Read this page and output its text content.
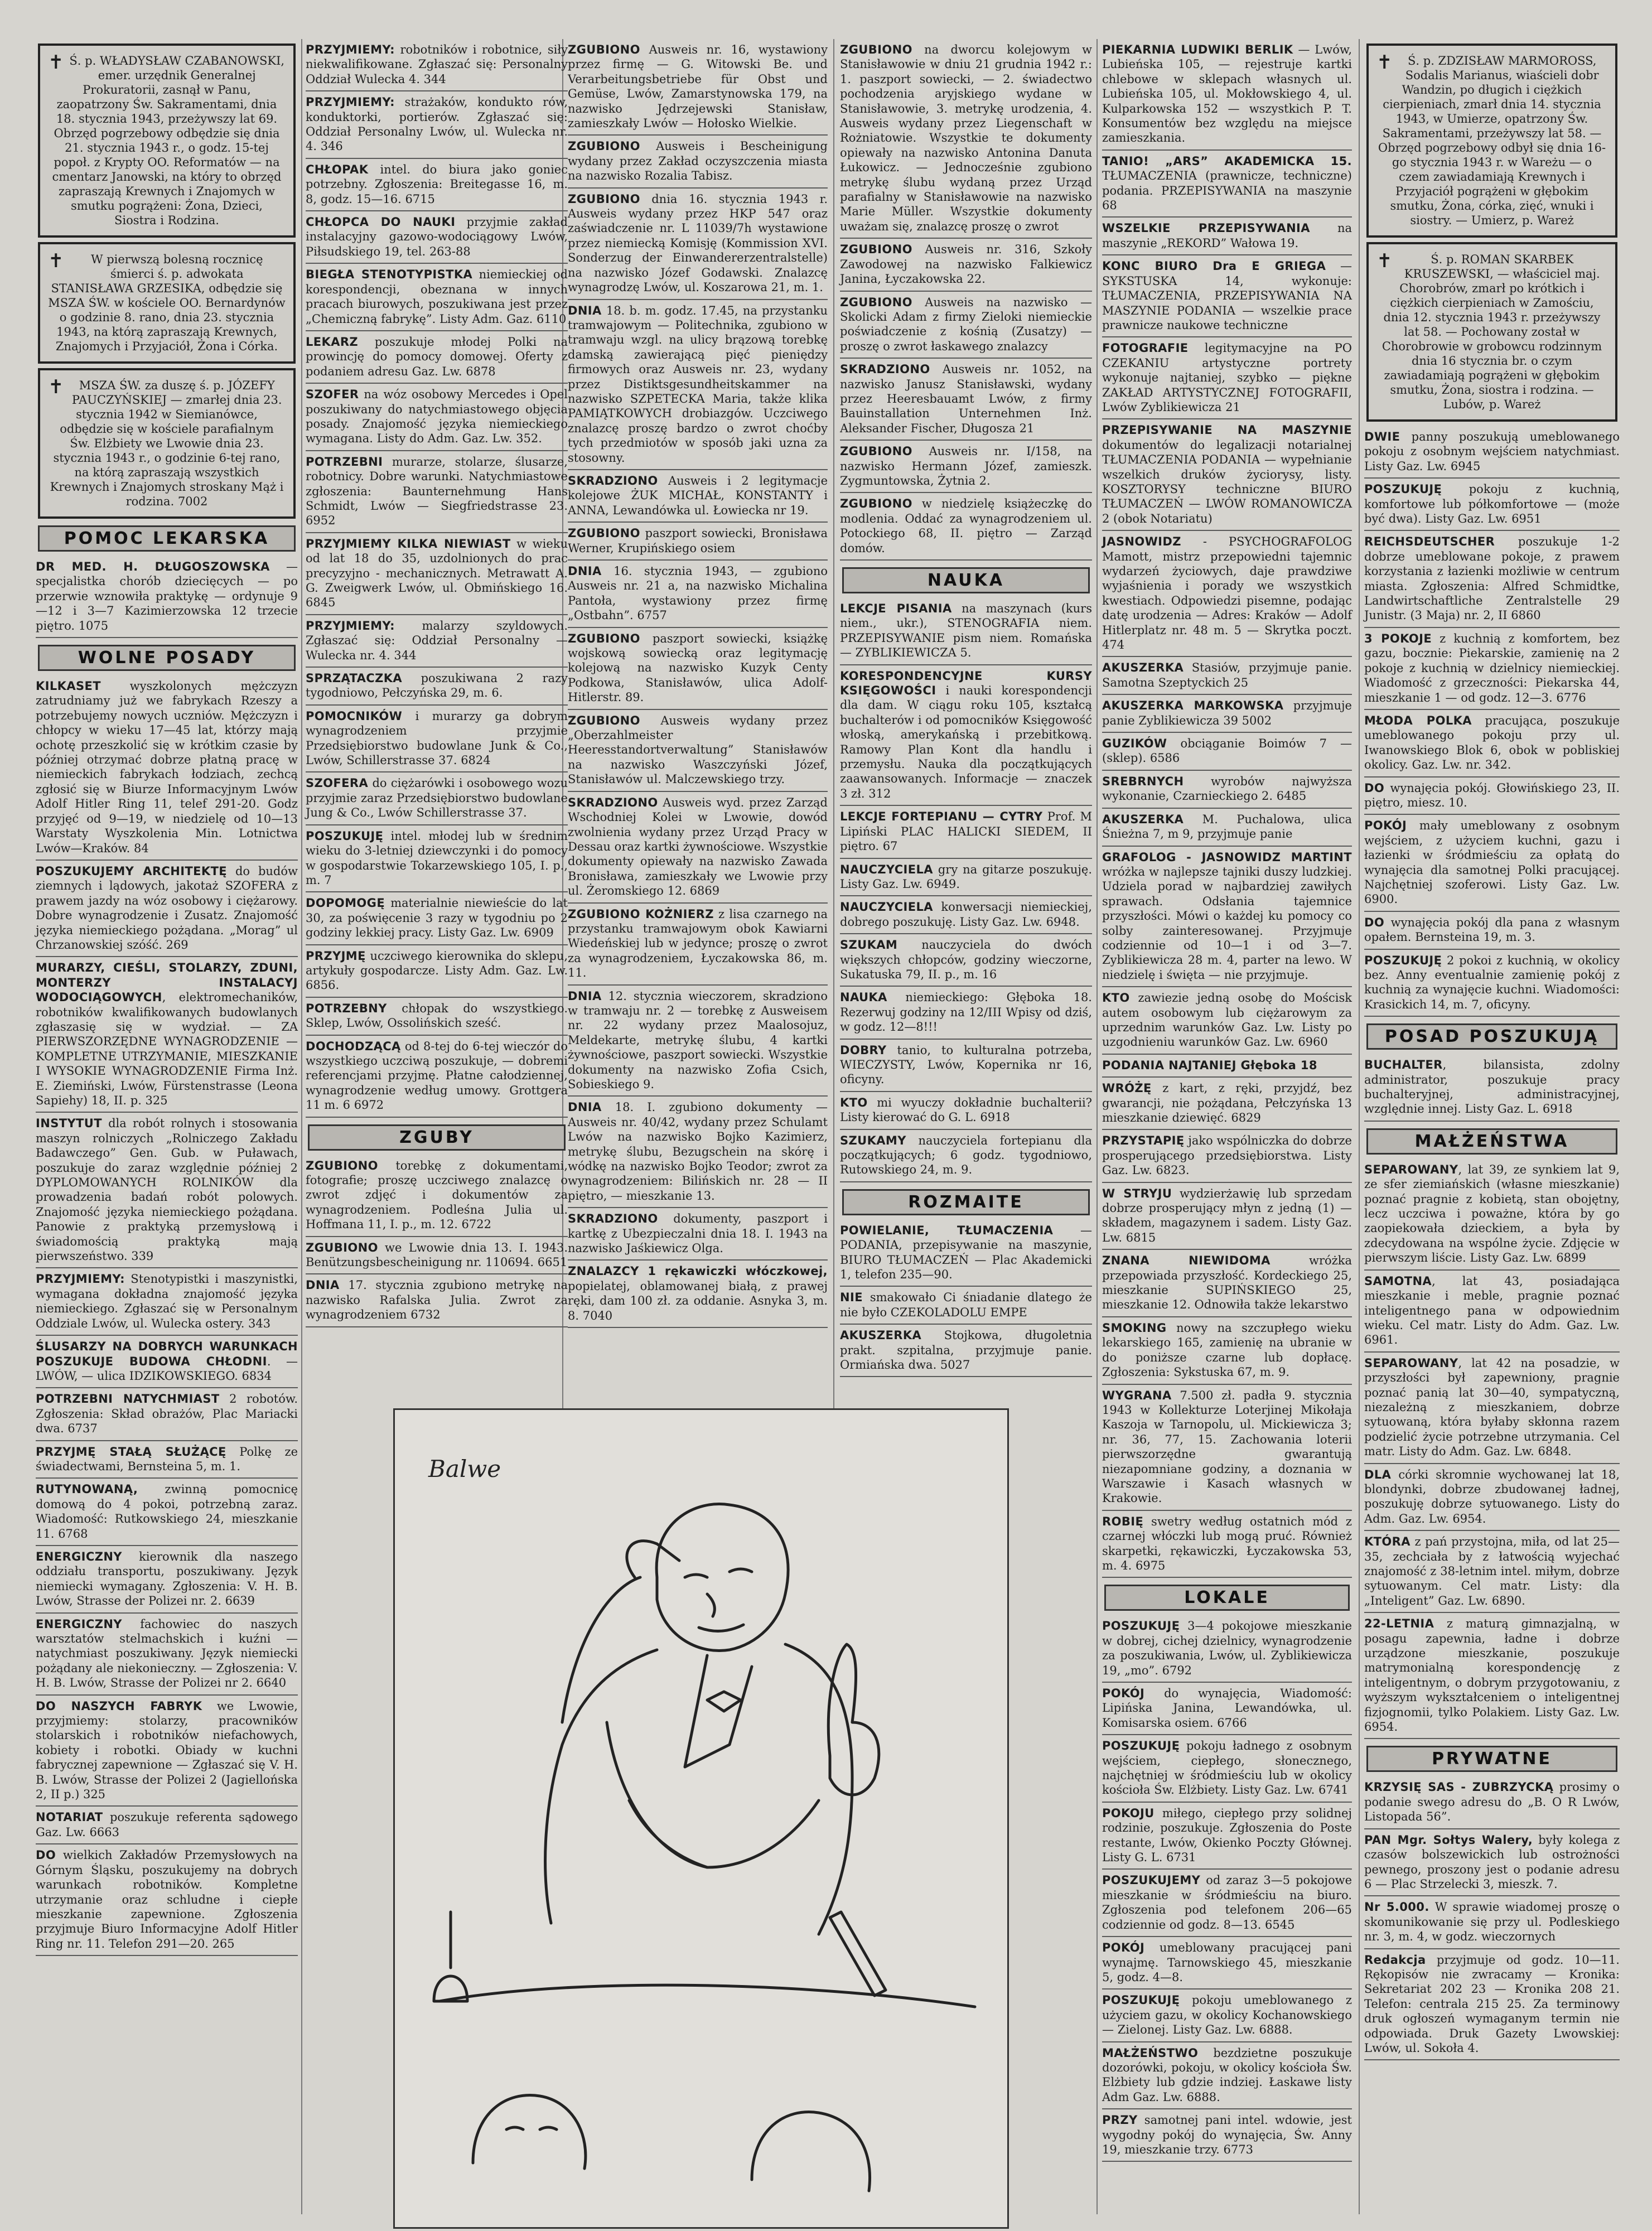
✝ Ś. p. WŁADYSŁAW CZABANOWSKI, emer. urzędnik Generalnej Prokuratorii, zasnął w Panu, zaopatrzony Św. Sakramentami, dnia 18. stycznia 1943, przeżywszy lat 69. Obrzęd pogrzebowy odbędzie się dnia 21. stycznia 1943 r., o godz. 15-tej popoł. z Krypty OO. Reformatów — na cmentarz Janowski, na który to obrzęd zapraszają Krewnych i Znajomych w smutku pogrążeni: Żona, Dzieci, Siostra i Rodzina.
✝ W pierwszą bolesną rocznicę śmierci ś. p. adwokata STANISŁAWA GRZESIKA, odbędzie się MSZA ŚW. w kościele OO. Bernardynów o godzinie 8. rano, dnia 23. stycznia 1943, na którą zapraszają Krewnych, Znajomych i Przyjaciół, Żona i Córka.
✝ MSZA ŚW. za duszę ś. p. JÓZEFY PAUCZYŃSKIEJ — zmarłej dnia 23. stycznia 1942 w Siemianówce, odbędzie się w kościele parafialnym Św. Elżbiety we Lwowie dnia 23. stycznia 1943 r., o godzinie 6-tej rano, na którą zapraszają wszystkich Krewnych i Znajomych stroskany Mąż i rodzina. 7002
POMOC LEKARSKA
DR MED. H. DŁUGOSZOWSKA — specjalistka chorób dziecięcych — po przerwie wznowiła praktykę — ordynuje 9—12 i 3—7 Kazimierzowska 12 trzecie piętro. 1075
WOLNE POSADY
KILKASET wyszkolonych mężczyzn zatrudniamy już we fabrykach Rzeszy a potrzebujemy nowych uczniów. Mężczyzn i chłopcy w wieku 17—45 lat, którzy mają ochotę przeszkolić się w krótkim czasie by później otrzymać dobrze płatną pracę w niemieckich fabrykach łodziach, zechcą zgłosić się w Biurze Informacyjnym Lwów Adolf Hitler Ring 11, telef 291-20. Godz przyjęć od 9—19, w niedzielę od 10—13 Warstaty Wyszkolenia Min. Lotnictwa Lwów—Kraków. 84
POSZUKUJEMY ARCHITEKTĘ do budów ziemnych i lądowych, jakotaż SZOFERA z prawem jazdy na wóz osobowy i ciężarowy. Dobre wynagrodzenie i Zusatz. Znajomość języka niemieckiego pożądana. „Morag” ul Chrzanowskiej szóść. 269
MURARZY, CIEŚLI, STOLARZY, ZDUNI, MONTERZY INSTALACYJ WODOCIĄGOWYCH, elektromechaników, robotników kwalifikowanych budowlanych zgłaszasię się w wydział. — ZA PIERWSZORZĘDNE WYNAGRODZENIE — KOMPLETNE UTRZYMANIE, MIESZKANIE I WYSOKIE WYNAGRODZENIE Firma Inż. E. Ziemiński, Lwów, Fürstenstrasse (Leona Sapiehy) 18, II. p. 325
INSTYTUT dla robót rolnych i stosowania maszyn rolniczych „Rolniczego Zakładu Badawczego” Gen. Gub. w Puławach, poszukuje do zaraz względnie później 2 DYPLOMOWANYCH ROLNIKÓW dla prowadzenia badań robót polowych. Znajomość języka niemieckiego pożądana. Panowie z praktyką przemysłową i świadomością praktyką mają pierwszeństwo. 339
PRZYJMIEMY: Stenotypistki i maszynistki, wymagana dokładna znajomość języka niemieckiego. Zgłaszać się w Personalnym Oddziale Lwów, ul. Wulecka ostery. 343
ŚLUSARZY NA DOBRYCH WARUNKACH POSZUKUJE BUDOWA CHŁODNI. — LWÓW, — ulica IDZIKOWSKIEGO. 6834
POTRZEBNI NATYCHMIAST 2 robotów. Zgłoszenia: Skład obrażów, Plac Mariacki dwa. 6737
PRZYJMĘ STAŁĄ SŁUŻĄCĘ Polkę ze świadectwami, Bernsteina 5, m. 1.
RUTYNOWANĄ, zwinną pomocnicę domową do 4 pokoi, potrzebną zaraz. Wiadomość: Rutkowskiego 24, mieszkanie 11. 6768
ENERGICZNY kierownik dla naszego oddziału transportu, poszukiwany. Język niemiecki wymagany. Zgłoszenia: V. H. B. Lwów, Strasse der Polizei nr. 2. 6639
ENERGICZNY fachowiec do naszych warsztatów stelmachskich i kuźni — natychmiast poszukiwany. Język niemiecki pożądany ale niekonieczny. — Zgłoszenia: V. H. B. Lwów, Strasse der Polizei nr 2. 6640
DO NASZYCH FABRYK we Lwowie, przyjmiemy: stolarzy, pracowników stolarskich i robotników niefachowych, kobiety i robotki. Obiady w kuchni fabrycznej zapewnione — Zgłaszać się V. H. B. Lwów, Strasse der Polizei 2 (Jagiellońska 2, II p.) 325
NOTARIAT poszukuje referenta sądowego Gaz. Lw. 6663
DO wielkich Zakładów Przemysłowych na Górnym Śląsku, poszukujemy na dobrych warunkach robotników. Kompletne utrzymanie oraz schludne i ciepłe mieszkanie zapewnione. Zgłoszenia przyjmuje Biuro Informacyjne Adolf Hitler Ring nr. 11. Telefon 291—20. 265
PRZYJMIEMY: robotników i robotnice, siły niekwalifikowane. Zgłaszać się: Personalny Oddział Wulecka 4. 344
PRZYJMIEMY: strażaków, kondukto rów, konduktorki, portierów. Zgłaszać się: Oddział Personalny Lwów, ul. Wulecka nr. 4. 346
CHŁOPAK intel. do biura jako goniec potrzebny. Zgłoszenia: Breitegasse 16, m. 8, godz. 15—16. 6715
CHŁOPCA DO NAUKI przyjmie zakład instalacyjny gazowo-wodociągowy Lwów, Piłsudskiego 19, tel. 263-88
BIEGŁA STENOTYPISTKA niemieckiej od korespondencji, obeznana w innych pracach biurowych, poszukiwana jest przez „Chemiczną fabrykę”. Listy Adm. Gaz. 6110
LEKARZ poszukuje młodej Polki na prowincję do pomocy domowej. Oferty z podaniem adresu Gaz. Lw. 6878
SZOFER na wóz osobowy Mercedes i Opel poszukiwany do natychmiastowego objęcia posady. Znajomość języka niemieckiego wymagana. Listy do Adm. Gaz. Lw. 352.
POTRZEBNI murarze, stolarze, ślusarze, robotnicy. Dobre warunki. Natychmiastowe zgłoszenia: Baunternehmung Hans Schmidt, Lwów — Siegfriedstrasse 23. 6952
PRZYJMIEMY KILKA NIEWIAST w wieku od lat 18 do 35, uzdolnionych do prac precyzyjno - mechanicznych. Metrawatt A. G. Zweigwerk Lwów, ul. Obmińskiego 16. 6845
PRZYJMIEMY: malarzy szyldowych. Zgłaszać się: Oddział Personalny — Wulecka nr. 4. 344
SPRZĄTACZKA poszukiwana 2 razy tygodniowo, Pełczyńska 29, m. 6.
POMOCNIKÓW i murarzy ga dobrym wynagrodzeniem przyjmie Przedsiębiorstwo budowlane Junk & Co., Lwów, Schillerstrasse 37. 6824
SZOFERA do ciężarówki i osobowego wozu przyjmie zaraz Przedsiębiorstwo budowlane Jung & Co., Lwów Schillerstrasse 37.
POSZUKUJĘ intel. młodej lub w średnim wieku do 3-letniej dziewczynki i do pomocy w gospodarstwie Tokarzewskiego 105, I. p., m. 7
DOPOMOGĘ materialnie niewieście do lat 30, za poświęcenie 3 razy w tygodniu po 2 godziny lekkiej pracy. Listy Gaz. Lw. 6909
PRZYJMĘ uczciwego kierownika do sklepu, artykuły gospodarcze. Listy Adm. Gaz. Lw. 6856.
POTRZEBNY chłopak do wszystkiego. Sklep, Lwów, Ossolińskich sześć.
DOCHODZĄCĄ od 8-tej do 6-tej wieczór do wszystkiego uczciwą poszukuje, — dobremi referencjami przyjmę. Płatne całodziennej, wynagrodzenie według umowy. Grottgera 11 m. 6 6972
ZGUBY
ZGUBIONO torebkę z dokumentami, fotografie; proszę uczciwego znalazcę o zwrot zdjęć i dokumentów za wynagrodzeniem. Podleśna Julia ul. Hoffmana 11, I. p., m. 12. 6722
ZGUBIONO we Lwowie dnia 13. I. 1943. Benützungsbescheinigung nr. 110694. 6651
DNIA 17. stycznia zgubiono metrykę na nazwisko Rafalska Julia. Zwrot za wynagrodzeniem 6732
ZGUBIONO Ausweis nr. 16, wystawiony przez firmę — G. Witowski Be. und Verarbeitungsbetriebe für Obst und Gemüse, Lwów, Zamarstynowska 179, na nazwisko Jędrzejewski Stanisław, zamieszkały Lwów — Hołosko Wielkie.
ZGUBIONO Ausweis i Bescheinigung wydany przez Zakład oczyszczenia miasta na nazwisko Rozalia Tabisz.
ZGUBIONO dnia 16. stycznia 1943 r. Ausweis wydany przez HKP 547 oraz zaświadczenie nr. L 11039/7h wystawione przez niemiecką Komisję (Kommission XVI. Sonderzug der Einwandererzentralstelle) na nazwisko Józef Godawski. Znalazcę wynagrodzę Lwów, ul. Koszarowa 21, m. 1.
DNIA 18. b. m. godz. 17.45, na przystanku tramwajowym — Politechnika, zgubiono w tramwaju wzgl. na ulicy brązową torebkę damską zawierającą pięć pieniędzy firmowych oraz Ausweis nr. 23, wydany przez Distiktsgesundheitskammer na nazwisko SZPETECKA Maria, także klika PAMIĄTKOWYCH drobiazgów. Uczciwego znalazcę proszę bardzo o zwrot choćby tych przedmiotów w sposób jaki uzna za stosowny.
SKRADZIONO Ausweis i 2 legitymacje kolejowe ŻUK MICHAŁ, KONSTANTY i ANNA, Lewandówka ul. Łowiecka nr 19.
ZGUBIONO paszport sowiecki, Bronisława Werner, Krupińskiego osiem
DNIA 16. stycznia 1943, — zgubiono Ausweis nr. 21 a, na nazwisko Michalina Pantoła, wystawiony przez firmę „Ostbahn”. 6757
ZGUBIONO paszport sowiecki, książkę wojskową sowiecką oraz legitymację kolejową na nazwisko Kuzyk Centy Podkowa, Stanisławów, ulica Adolf-Hitlerstr. 89.
ZGUBIONO Ausweis wydany przez „Oberzahlmeister Heeresstandortverwaltung” Stanisławów na nazwisko Waszczyński Józef, Stanisławów ul. Malczewskiego trzy.
SKRADZIONO Ausweis wyd. przez Zarząd Wschodniej Kolei w Lwowie, dowód zwolnienia wydany przez Urząd Pracy w Dessau oraz kartki żywnościowe. Wszystkie dokumenty opiewały na nazwisko Zawada Bronisława, zamieszkały we Lwowie przy ul. Żeromskiego 12. 6869
ZGUBIONO KOŻNIERZ z lisa czarnego na przystanku tramwajowym obok Kawiarni Wiedeńskiej lub w jedynce; proszę o zwrot za wynagrodzeniem, Łyczakowska 86, m. 11.
DNIA 12. stycznia wieczorem, skradziono w tramwaju nr. 2 — torebkę z Ausweisem nr. 22 wydany przez Maalosojuz, Meldekarte, metrykę ślubu, 4 kartki żywnościowe, paszport sowiecki. Wszystkie dokumenty na nazwisko Zofia Csich, Sobieskiego 9.
DNIA 18. I. zgubiono dokumenty — Ausweis nr. 40/42, wydany przez Schulamt Lwów na nazwisko Bojko Kazimierz, metrykę ślubu, Bezugschein na skórę i wódkę na nazwisko Bojko Teodor; zwrot za wynagrodzeniem: Bilińskich nr. 28 — II piętro, — mieszkanie 13.
SKRADZIONO dokumenty, paszport i kartkę z Ubezpieczalni dnia 18. I. 1943 na nazwisko Jaśkiewicz Olga.
ZNALAZCY 1 rękawiczki włóczkowej, popielatej, oblamowanej białą, z prawej ręki, dam 100 zł. za oddanie. Asnyka 3, m. 8. 7040
ZGUBIONO na dworcu kolejowym w Stanisławowie w dniu 21 grudnia 1942 r.: 1. paszport sowiecki, — 2. świadectwo pochodzenia aryjskiego wydane w Stanisławowie, 3. metrykę urodzenia, 4. Ausweis wydany przez Liegenschaft w Rożniatowie. Wszystkie te dokumenty opiewały na nazwisko Antonina Danuta Łukowicz. — Jednocześnie zgubiono metrykę ślubu wydaną przez Urząd parafialny w Stanisławowie na nazwisko Marie Müller. Wszystkie dokumenty uważam się, znalazcę proszę o zwrot
ZGUBIONO Ausweis nr. 316, Szkoły Zawodowej na nazwisko Falkiewicz Janina, Łyczakowska 22.
ZGUBIONO Ausweis na nazwisko — Skolicki Adam z firmy Zieloki niemieckie poświadczenie z kośnią (Zusatzy) — proszę o zwrot łaskawego znalazcy
SKRADZIONO Ausweis nr. 1052, na nazwisko Janusz Stanisławski, wydany przez Heeresbauamt Lwów, z firmy Bauinstallation Unternehmen Inż. Aleksander Fischer, Długosza 21
ZGUBIONO Ausweis nr. I/158, na nazwisko Hermann Józef, zamieszk. Zygmuntowska, Żytnia 2.
ZGUBIONO w niedzielę książeczkę do modlenia. Oddać za wynagrodzeniem ul. Potockiego 68, II. piętro — Zarząd domów.
NAUKA
LEKCJE PISANIA na maszynach (kurs niem., ukr.), STENOGRAFIA niem. PRZEPISYWANIE pism niem. Romańska — ZYBLIKIEWICZA 5.
KORESPONDENCYJNE KURSY KSIĘGOWOŚCI i nauki korespondencji dla dam. W ciągu roku 105, kształcą buchalterów i od pomocników Księgowość włoską, amerykańską i przebitkową. Ramowy Plan Kont dla handlu i przemysłu. Nauka dla początkujących zaawansowanych. Informacje — znaczek 3 zł. 312
LEKCJE FORTEPIANU — CYTRY Prof. M Lipiński PLAC HALICKI SIEDEM, II piętro. 67
NAUCZYCIELA gry na gitarze poszukuję. Listy Gaz. Lw. 6949.
NAUCZYCIELA konwersacji niemieckiej, dobrego poszukuję. Listy Gaz. Lw. 6948.
SZUKAM nauczyciela do dwóch większych chłopców, godziny wieczorne, Sukatuska 79, II. p., m. 16
NAUKA niemieckiego: Głęboka 18. Rezerwuj godziny na 12/III Wpisy od dziś, w godz. 12—8!!!
DOBRY tanio, to kulturalna potrzeba, WIECZYSTY, Lwów, Kopernika nr 16, oficyny.
KTO mi wyuczy dokładnie buchalterii? Listy kierować do G. L. 6918
SZUKAMY nauczyciela fortepianu dla początkujących; 6 godz. tygodniowo, Rutowskiego 24, m. 9.
ROZMAITE
POWIELANIE, TŁUMACZENIA — PODANIA, przepisywanie na maszynie, BIURO TŁUMACZEŃ — Plac Akademicki 1, telefon 235—90.
NIE smakowało Ci śniadanie dlatego że nie było CZEKOLADOLU EMPE
AKUSZERKA Stojkowa, długoletnia prakt. szpitalna, przyjmuje panie. Ormiańska dwa. 5027
PIEKARNIA LUDWIKI BERLIK — Lwów, Lubieńska 105, — rejestruje kartki chlebowe w sklepach własnych ul. Lubieńska 105, ul. Mokłowskiego 4, ul. Kulparkowska 152 — wszystkich P. T. Konsumentów bez względu na miejsce zamieszkania.
TANIO! „ARS” AKADEMICKA 15. TŁUMACZENIA (prawnicze, techniczne) podania. PRZEPISYWANIA na maszynie 68
WSZELKIE PRZEPISYWANIA na maszynie „REKORD” Wałowa 19.
KONC BIURO Dra E GRIEGA — SYKSTUSKA 14, wykonuje: TŁUMACZENIA, PRZEPISYWANIA NA MASZYNIE PODANIA — wszelkie prace prawnicze naukowe techniczne
FOTOGRAFIE legitymacyjne na PO CZEKANIU artystyczne portrety wykonuje najtaniej, szybko — piękne ZAKŁAD ARTYSTYCZNEJ FOTOGRAFII, Lwów Zyblikiewicza 21
PRZEPISYWANIE NA MASZYNIE dokumentów do legalizacji notarialnej TŁUMACZENIA PODANIA — wypełnianie wszelkich druków życiorysy, listy. KOSZTORYSY techniczne BIURO TŁUMACZEŃ — LWÓW ROMANOWICZA 2 (obok Notariatu)
JASNOWIDZ - PSYCHOGRAFOLOG Mamott, mistrz przepowiedni tajemnic wydarzeń życiowych, daje prawdziwe wyjaśnienia i porady we wszystkich kwestiach. Odpowiedzi pisemne, podając datę urodzenia — Adres: Kraków — Adolf Hitlerplatz nr. 48 m. 5 — Skrytka poczt. 474
AKUSZERKA Stasiów, przyjmuje panie. Samotna Szeptyckich 25
AKUSZERKA MARKOWSKA przyjmuje panie Zyblikiewicza 39 5002
GUZIKÓW obciąganie Boimów 7 — (sklep). 6586
SREBRNYCH wyrobów najwyższa wykonanie, Czarnieckiego 2. 6485
AKUSZERKA M. Puchalowa, ulica Śnieżna 7, m 9, przyjmuje panie
GRAFOLOG - JASNOWIDZ MARTINT wróżka w najlepsze tajniki duszy ludzkiej. Udziela porad w najbardziej zawiłych sprawach. Odsłania tajemnice przyszłości. Mówi o każdej ku pomocy co solby zainteresowanej. Przyjmuje codziennie od 10—1 i od 3—7. Zyblikiewicza 28 m. 4, parter na lewo. W niedzielę i święta — nie przyjmuje.
KTO zawiezie jedną osobę do Mościsk autem osobowym lub ciężarowym za uprzednim warunków Gaz. Lw. Listy po uzgodnieniu warunków Gaz. Lw. 6960
PODANIA NAJTANIEJ Głęboka 18
WRÓŻĘ z kart, z ręki, przyjdź, bez gwarancji, nie pożądana, Pełczyńska 13 mieszkanie dziewięć. 6829
PRZYSTAPIĘ jako wspólniczka do dobrze prosperującego przedsiębiorstwa. Listy Gaz. Lw. 6823.
W STRYJU wydzierżawię lub sprzedam dobrze prosperujący młyn z jedną (1) — składem, magazynem i sadem. Listy Gaz. Lw. 6815
ZNANA NIEWIDOMA wróżka przepowiada przyszłość. Kordeckiego 25, mieszkanie SUPIŃSKIEGO 25, mieszkanie 12. Odnowiła także lekarstwo
SMOKING nowy na szczupłego wieku lekarskiego 165, zamienię na ubranie w do poniższe czarne lub dopłacę. Zgłoszenia: Sykstuska 67, m. 9.
WYGRANA 7.500 zł. padła 9. stycznia 1943 w Kollekturze Loterjinej Mikołaja Kaszoja w Tarnopolu, ul. Mickiewicza 3; nr. 36, 77, 15. Zachowania loterii pierwszorzędne gwarantują niezapomniane godziny, a doznania w Warszawie i Kasach własnych w Krakowie.
ROBIĘ swetry według ostatnich mód z czarnej włóczki lub mogą pruć. Również skarpetki, rękawiczki, Łyczakowska 53, m. 4. 6975
LOKALE
POSZUKUJĘ 3—4 pokojowe mieszkanie w dobrej, cichej dzielnicy, wynagrodzenie za poszukiwania, Lwów, ul. Zyblikiewicza 19, „mo”. 6792
POKÓJ do wynajęcia, Wiadomość: Lipińska Janina, Lewandówka, ul. Komisarska osiem. 6766
POSZUKUJĘ pokoju ładnego z osobnym wejściem, ciepłego, słonecznego, najchętniej w śródmieściu lub w okolicy kościoła Św. Elżbiety. Listy Gaz. Lw. 6741
POKOJU miłego, ciepłego przy solidnej rodzinie, poszukuje. Zgłoszenia do Poste restante, Lwów, Okienko Poczty Głównej. Listy G. L. 6731
POSZUKUJEMY od zaraz 3—5 pokojowe mieszkanie w śródmieściu na biuro. Zgłoszenia pod telefonem 206—65 codziennie od godz. 8—13. 6545
POKÓJ umeblowany pracującej pani wynajmę. Tarnowskiego 45, mieszkanie 5, godz. 4—8.
POSZUKUJĘ pokoju umeblowanego z użyciem gazu, w okolicy Kochanowskiego — Zielonej. Listy Gaz. Lw. 6888.
MAŁŻEŃSTWO bezdzietne poszukuje dozorówki, pokoju, w okolicy kościoła Św. Elżbiety lub gdzie indziej. Łaskawe listy Adm Gaz. Lw. 6888.
PRZY samotnej pani intel. wdowie, jest wygodny pokój do wynajęcia, Św. Anny 19, mieszkanie trzy. 6773
✝ Ś. p. ZDZISŁAW MARMOROSS, Sodalis Marianus, wiaścieli dobr Wandzin, po długich i ciężkich cierpieniach, zmarł dnia 14. stycznia 1943, w Umierze, opatrzony Św. Sakramentami, przeżywszy lat 58. — Obrzęd pogrzebowy odbył się dnia 16-go stycznia 1943 r. w Wareżu — o czem zawiadamiają Krewnych i Przyjaciół pogrążeni w głębokim smutku, Żona, córka, zięć, wnuki i siostry. — Umierz, p. Wareż
✝	Ś. p. ROMAN SKARBEK KRUSZEWSKI, — właściciel maj. Chorobrów, zmarł po krótkich i ciężkich cierpieniach w Zamościu, dnia 12. stycznia 1943 r. przeżywszy lat 58. — Pochowany został w Chorobrowie w grobowcu rodzinnym dnia 16 stycznia br. o czym zawiadamiają pogrążeni w głębokim smutku, Żona, siostra i rodzina. — Lubów, p. Wareż
DWIE panny poszukują umeblowanego pokoju z osobnym wejściem natychmiast. Listy Gaz. Lw. 6945
POSZUKUJĘ pokoju z kuchnią, komfortowe lub półkomfortowe — (może być dwa). Listy Gaz. Lw. 6951
REICHSDEUTSCHER poszukuje 1-2 dobrze umeblowane pokoje, z prawem korzystania z łazienki możliwie w centrum miasta. Zgłoszenia: Alfred Schmidtke, Landwirtschaftliche Zentralstelle 29 Junistr. (3 Maja) nr. 2, II 6860
3 POKOJE z kuchnią z komfortem, bez gazu, bocznie: Piekarskie, zamienię na 2 pokoje z kuchnią w dzielnicy niemieckiej. Wiadomość z grzeczności: Piekarska 44, mieszkanie 1 — od godz. 12—3. 6776
MŁODA POLKA pracująca, poszukuje umeblowanego pokoju przy ul. Iwanowskiego Blok 6, obok w pobliskiej okolicy. Gaz. Lw. nr. 342.
DO wynajęcia pokój. Głowińskiego 23, II. piętro, miesz. 10.
POKÓJ mały umeblowany z osobnym wejściem, z użyciem kuchni, gazu i łazienki w śródmieściu za opłatą do wynajęcia dla samotnej Polki pracującej. Najchętniej szoferowi. Listy Gaz. Lw. 6900.
DO wynajęcia pokój dla pana z własnym opałem. Bernsteina 19, m. 3.
POSZUKUJĘ 2 pokoi z kuchnią, w okolicy bez. Anny eventualnie zamienię pokój z kuchnią za wynajęcie kuchni. Wiadomości: Krasickich 14, m. 7, oficyny.
POSAD POSZUKUJĄ
BUCHALTER, bilansista, zdolny administrator, poszukuje pracy buchalteryjnej, administracyjnej, względnie innej. Listy Gaz. L. 6918
MAŁŻEŃSTWA
SEPAROWANY, lat 39, ze synkiem lat 9, ze sfer ziemiańskich (własne mieszkanie) poznać pragnie z kobietą, stan obojętny, lecz uczciwa i poważne, która by go zaopiekowała dzieckiem, a była by zdecydowana na wspólne życie. Zdjęcie w pierwszym liście. Listy Gaz. Lw. 6899
SAMOTNA, lat 43, posiadająca mieszkanie i meble, pragnie poznać inteligentnego pana w odpowiednim wieku. Cel matr. Listy do Adm. Gaz. Lw. 6961.
SEPAROWANY, lat 42 na posadzie, w przyszłości był zapewniony, pragnie poznać panią lat 30—40, sympatyczną, niezależną z mieszkaniem, dobrze sytuowaną, która byłaby skłonna razem podzielić życie potrzebne utrzymania. Cel matr. Listy do Adm. Gaz. Lw. 6848.
DLA córki skromnie wychowanej lat 18, blondynki, dobrze zbudowanej ładnej, poszukuję dobrze sytuowanego. Listy do Adm. Gaz. Lw. 6954.
KTÓRA z pań przystojna, miła, od lat 25—35, zechciała by z łatwością wyjechać znajomość z 38-letnim intel. miłym, dobrze sytuowanym. Cel matr. Listy: dla „Inteligent” Gaz. Lw. 6890.
22-LETNIA z maturą gimnazjalną, w posagu zapewnia, ładne i dobrze urządzone mieszkanie, poszukuje matrymonialną korespondencję z inteligentnym, o dobrym przygotowaniu, z wyższym wykształceniem o inteligentnej fizjognomii, tylko Polakiem. Listy Gaz. Lw. 6954.
PRYWATNE
KRZYSIĘ SAS - ZUBRZYCKĄ prosimy o podanie swego adresu do „B. O R Lwów, Listopada 56”.
PAN Mgr. Sołtys Walery, były kolega z czasów bolszewickich lub ostrożności pewnego, proszony jest o podanie adresu 6 — Plac Strzelecki 3, mieszk. 7.
Nr 5.000. W sprawie wiadomej proszę o skomunikowanie się przy ul. Podleskiego nr. 3, m. 4, w godz. wieczornych
Redakcja przyjmuje od godz. 10—11. Rękopisów nie zwracamy — Kronika: Sekretariat 202 23 — Kronika 208 21. Telefon: centrala 215 25. Za terminowy druk ogłoszeń wymaganym termin nie odpowiada. Druk Gazety Lwowskiej: Lwów, ul. Sokoła 4.
Balwe
